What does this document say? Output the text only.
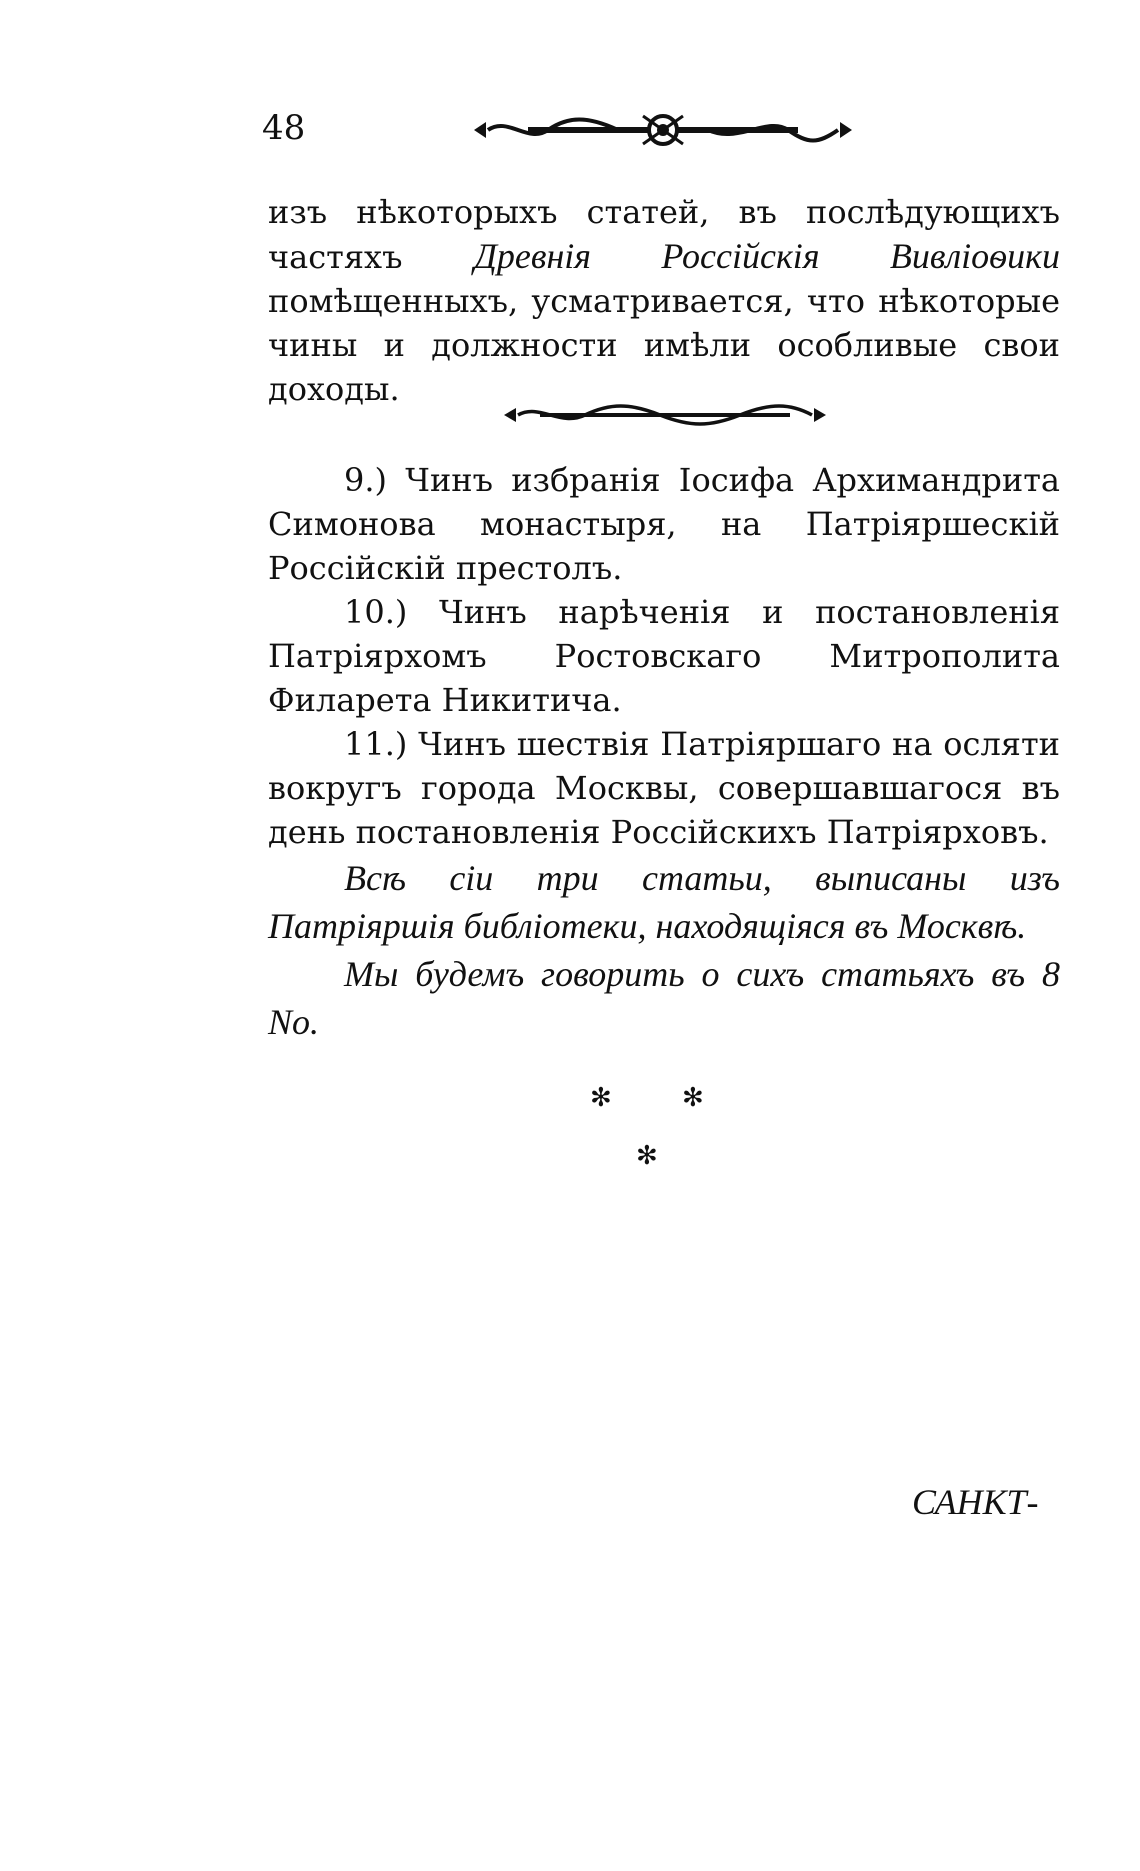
48

изъ нѣкоторыхъ статей, въ послѣдующихъ частяхъ Древнія Россійскія Вивліоѳики помѣщенныхъ, усматривается, что нѣкоторые чины и должности имѣли особливые свои доходы.

9.) Чинъ избранія Іосифа Архимандрита Симонова монастыря, на Патріяршескій Россійскій престолъ.

10.) Чинъ нарѣченія и постановленія Патріярхомъ Ростовскаго Митрополита Филарета Никитича.

11.) Чинъ шествія Патріяршаго на осляти вокругъ города Москвы, совершавшагося въ день постановленія Россійскихъ Патріярховъ.

Всѣ сіи три статьи, выписаны изъ Патріяршія библіотеки, находящіяся въ Москвѣ.

Мы будемъ говорить о сихъ статьяхъ въ 8 No.

✻	✻
✻
САНКТ-
